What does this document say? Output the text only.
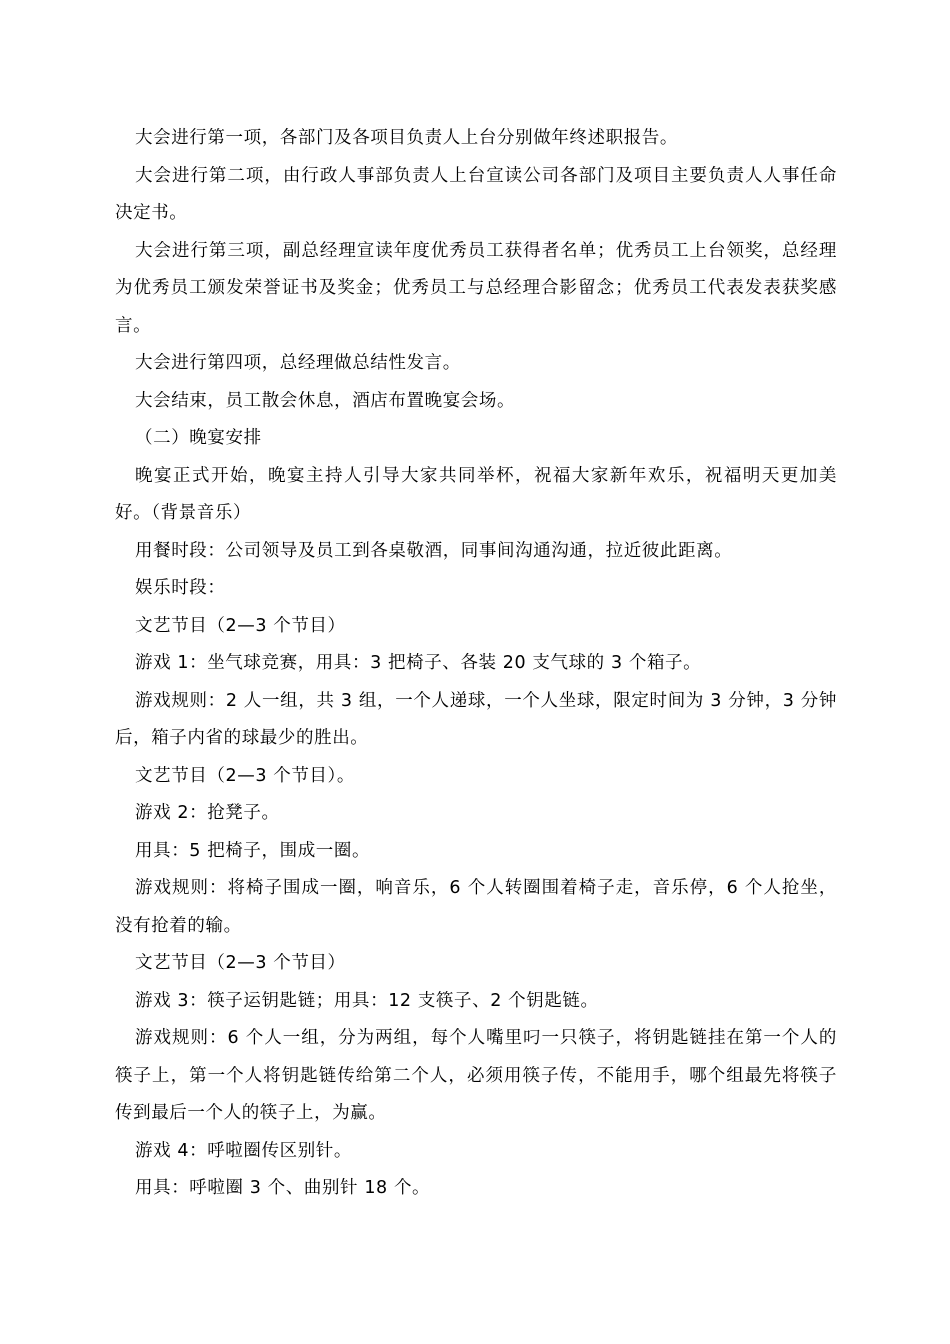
大会进行第一项，各部门及各项目负责人上台分别做年终述职报告。

大会进行第二项，由行政人事部负责人上台宣读公司各部门及项目主要负责人人事任命决定书。

大会进行第三项，副总经理宣读年度优秀员工获得者名单；优秀员工上台领奖，总经理为优秀员工颁发荣誉证书及奖金；优秀员工与总经理合影留念；优秀员工代表发表获奖感言。

大会进行第四项，总经理做总结性发言。

大会结束，员工散会休息，酒店布置晚宴会场。

（二）晚宴安排

晚宴正式开始，晚宴主持人引导大家共同举杯，祝福大家新年欢乐，祝福明天更加美好。（背景音乐）

用餐时段：公司领导及员工到各桌敬酒，同事间沟通沟通，拉近彼此距离。

娱乐时段：

文艺节目（2—3 个节目）

游戏 1：坐气球竞赛，用具：3 把椅子、各装 20 支气球的 3 个箱子。

游戏规则：2 人一组，共 3 组，一个人递球，一个人坐球，限定时间为 3 分钟，3 分钟后，箱子内省的球最少的胜出。

文艺节目（2—3 个节目）。

游戏 2：抢凳子。

用具：5 把椅子，围成一圈。

游戏规则：将椅子围成一圈，响音乐，6 个人转圈围着椅子走，音乐停，6 个人抢坐，没有抢着的输。

文艺节目（2—3 个节目）

游戏 3：筷子运钥匙链；用具：12 支筷子、2 个钥匙链。

游戏规则：6 个人一组，分为两组，每个人嘴里叼一只筷子，将钥匙链挂在第一个人的筷子上，第一个人将钥匙链传给第二个人，必须用筷子传，不能用手，哪个组最先将筷子传到最后一个人的筷子上，为赢。

游戏 4：呼啦圈传区别针。

用具：呼啦圈 3 个、曲别针 18 个。
